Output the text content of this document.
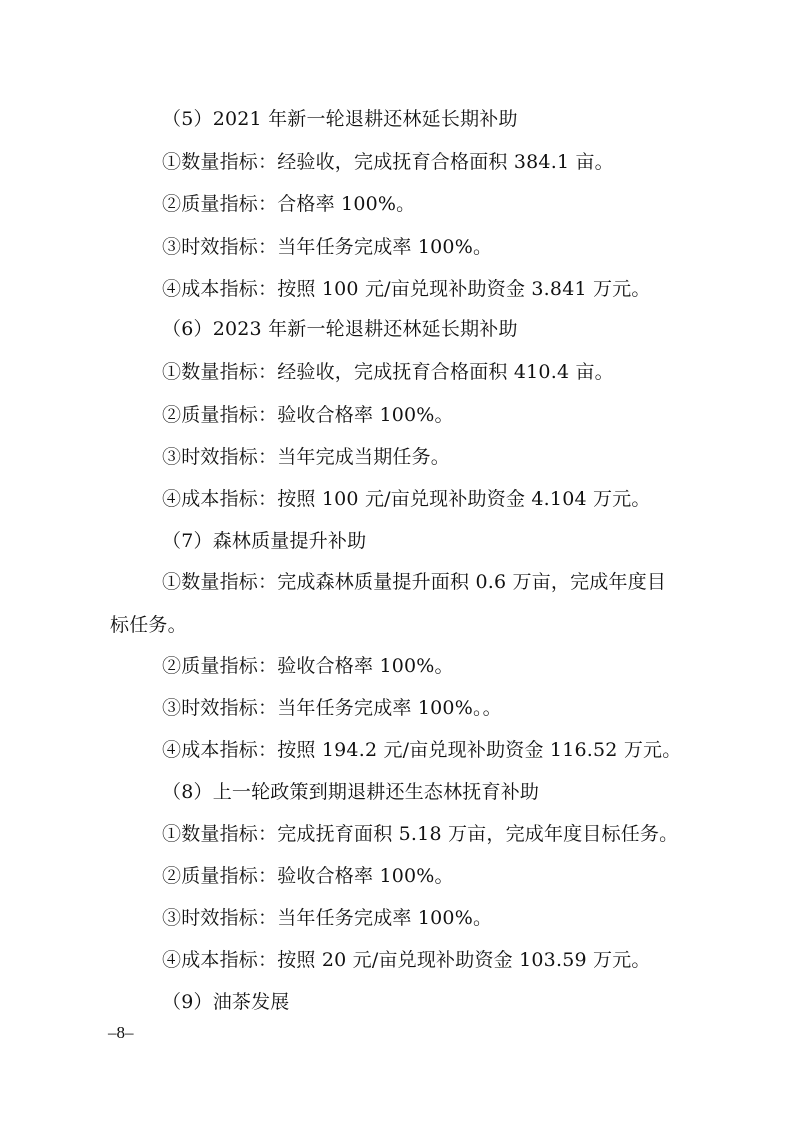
（5）2021 年新一轮退耕还林延长期补助
①数量指标：经验收，完成抚育合格面积 384.1 亩。
②质量指标：合格率 100%。
③时效指标：当年任务完成率 100%。
④成本指标：按照 100 元/亩兑现补助资金 3.841 万元。
（6）2023 年新一轮退耕还林延长期补助
①数量指标：经验收，完成抚育合格面积 410.4 亩。
②质量指标：验收合格率 100%。
③时效指标：当年完成当期任务。
④成本指标：按照 100 元/亩兑现补助资金 4.104 万元。
（7）森林质量提升补助
①数量指标：完成森林质量提升面积 0.6 万亩，完成年度目
标任务。
②质量指标：验收合格率 100%。
③时效指标：当年任务完成率 100%。。
④成本指标：按照 194.2 元/亩兑现补助资金 116.52 万元。
（8）上一轮政策到期退耕还生态林抚育补助
①数量指标：完成抚育面积 5.18 万亩，完成年度目标任务。
②质量指标：验收合格率 100%。
③时效指标：当年任务完成率 100%。
④成本指标：按照 20 元/亩兑现补助资金 103.59 万元。
（9）油茶发展
–8–
